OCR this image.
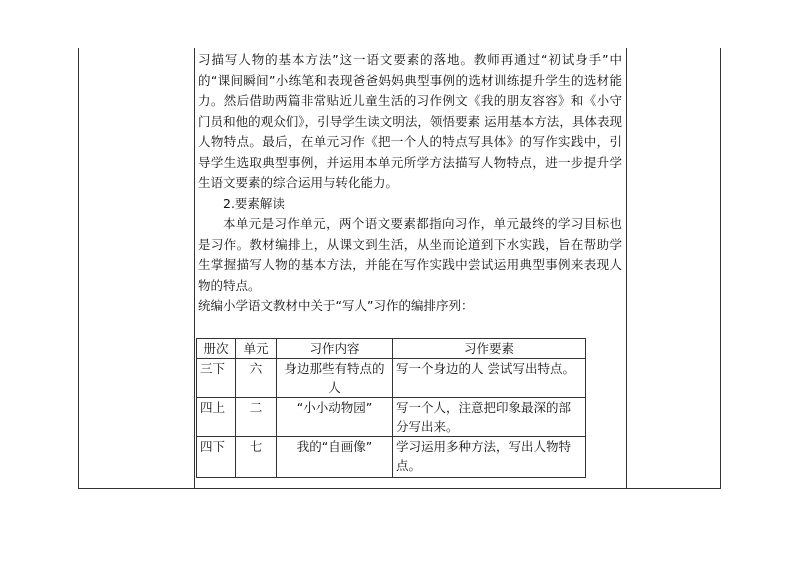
习描写人物的基本方法”这一语文要素的落地。教师再通过“初试身手”中的“课间瞬间”小练笔和表现爸爸妈妈典型事例的选材训练提升学生的选材能力。然后借助两篇非常贴近儿童生活的习作例文《我的朋友容容》和《小守门员和他的观众们》，引导学生读文明法，领悟要素 运用基本方法，具体表现人物特点。最后，在单元习作《把一个人的特点写具体》的写作实践中，引导学生选取典型事例，并运用本单元所学方法描写人物特点，进一步提升学生语文要素的综合运用与转化能力。

2.要素解读

本单元是习作单元，两个语文要素都指向习作，单元最终的学习目标也是习作。教材编排上，从课文到生活，从坐而论道到下水实践，旨在帮助学生掌握描写人物的基本方法，并能在写作实践中尝试运用典型事例来表现人物的特点。

统编小学语文教材中关于“写人”习作的编排序列：

册次	单元	习作内容	习作要素
三下	六	身边那些有特点的人	写一个身边的人 尝试写出特点。
四上	二	“小小动物园”	写一个人，注意把印象最深的部分写出来。
四下	七	我的“自画像”	学习运用多种方法，写出人物特点。
